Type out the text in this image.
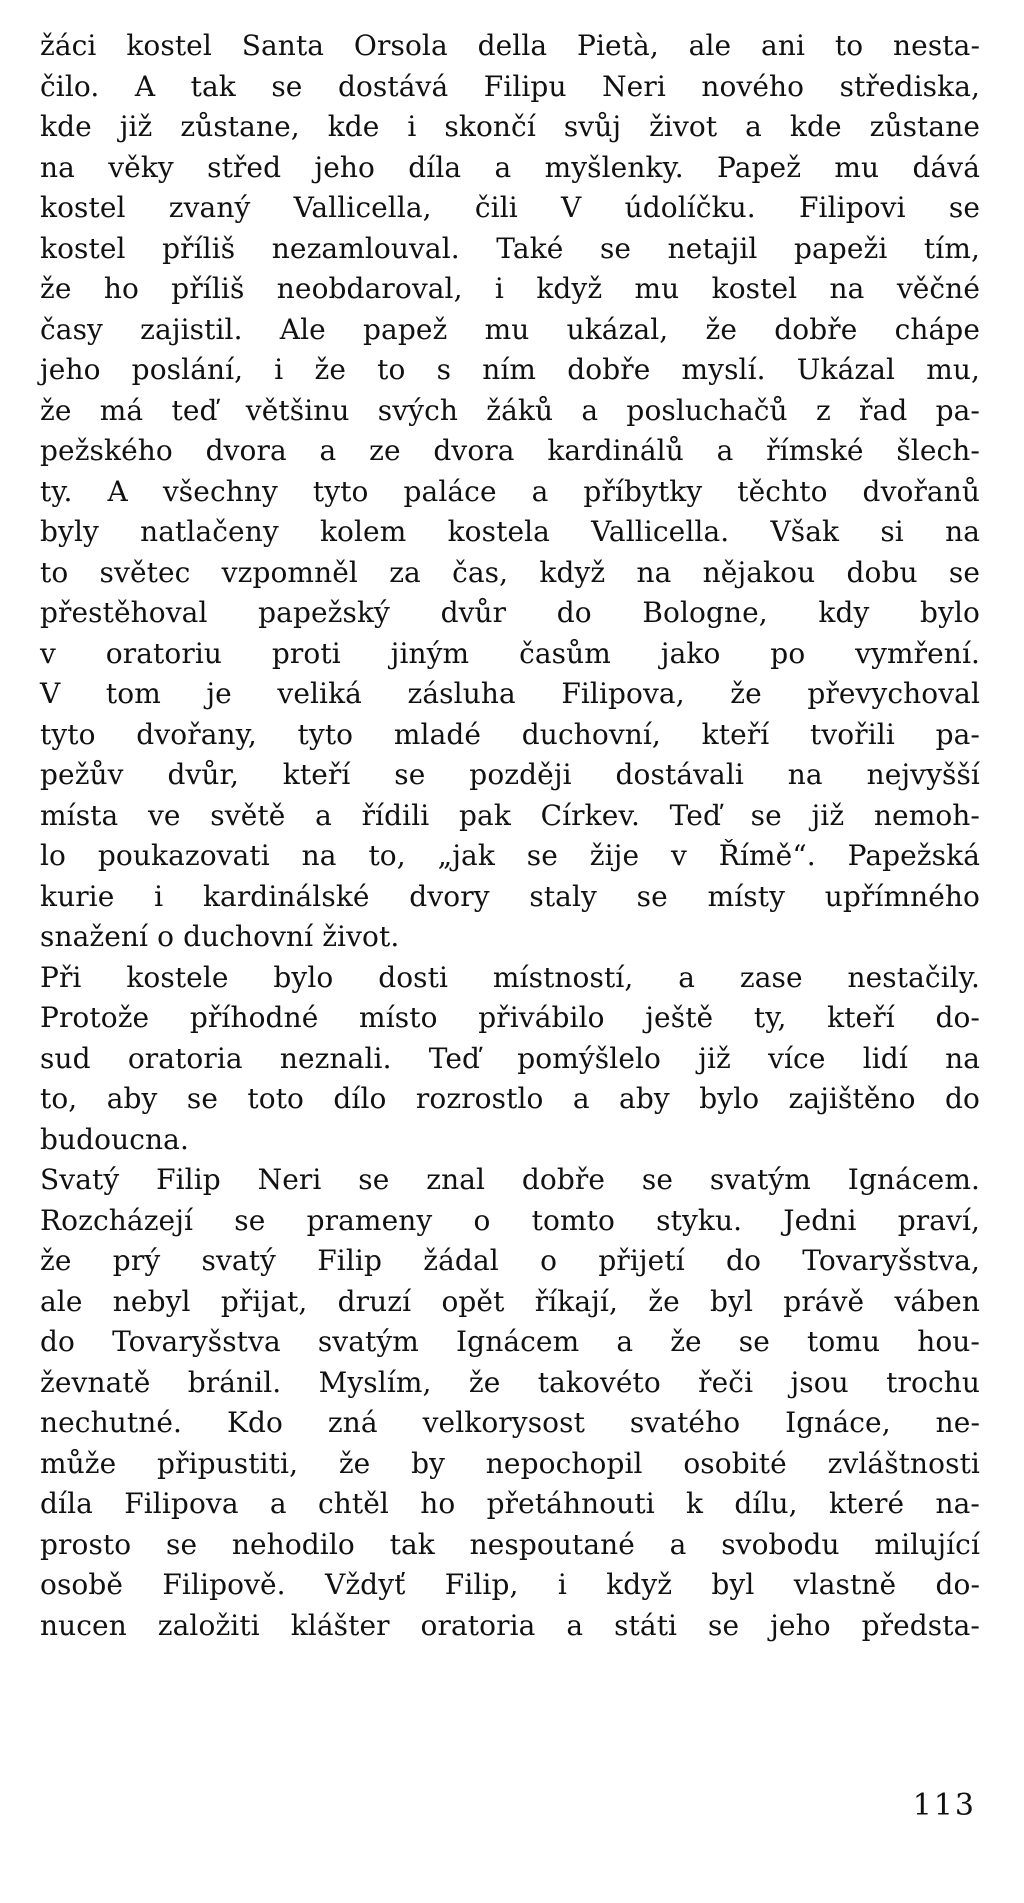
žáci kostel Santa Orsola della Pietà, ale ani to nesta-
čilo. A tak se dostává Filipu Neri nového střediska,
kde již zůstane, kde i skončí svůj život a kde zůstane
na věky střed jeho díla a myšlenky. Papež mu dává
kostel zvaný Vallicella, čili V údolíčku. Filipovi se
kostel příliš nezamlouval. Také se netajil papeži tím,
že ho příliš neobdaroval, i když mu kostel na věčné
časy zajistil. Ale papež mu ukázal, že dobře chápe
jeho poslání, i že to s ním dobře myslí. Ukázal mu,
že má teď většinu svých žáků a posluchačů z řad pa-
pežského dvora a ze dvora kardinálů a římské šlech-
ty. A všechny tyto paláce a příbytky těchto dvořanů
byly natlačeny kolem kostela Vallicella. Však si na
to světec vzpomněl za čas, když na nějakou dobu se
přestěhoval papežský dvůr do Bologne, kdy bylo
v oratoriu proti jiným časům jako po vymření.
V tom je veliká zásluha Filipova, že převychoval
tyto dvořany, tyto mladé duchovní, kteří tvořili pa-
pežův dvůr, kteří se později dostávali na nejvyšší
místa ve světě a řídili pak Církev. Teď se již nemoh-
lo poukazovati na to, „jak se žije v Římě“. Papežská
kurie i kardinálské dvory staly se místy upřímného
snažení o duchovní život.
Při kostele bylo dosti místností, a zase nestačily.
Protože příhodné místo přivábilo ještě ty, kteří do-
sud oratoria neznali. Teď pomýšlelo již více lidí na
to, aby se toto dílo rozrostlo a aby bylo zajištěno do
budoucna.
Svatý Filip Neri se znal dobře se svatým Ignácem.
Rozcházejí se prameny o tomto styku. Jedni praví,
že prý svatý Filip žádal o přijetí do Tovaryšstva,
ale nebyl přijat, druzí opět říkají, že byl právě váben
do Tovaryšstva svatým Ignácem a že se tomu hou-
ževnatě bránil. Myslím, že takovéto řeči jsou trochu
nechutné. Kdo zná velkorysost svatého Ignáce, ne-
může připustiti, že by nepochopil osobité zvláštnosti
díla Filipova a chtěl ho přetáhnouti k dílu, které na-
prosto se nehodilo tak nespoutané a svobodu milující
osobě Filipově. Vždyť Filip, i když byl vlastně do-
nucen založiti klášter oratoria a státi se jeho předsta-
113
